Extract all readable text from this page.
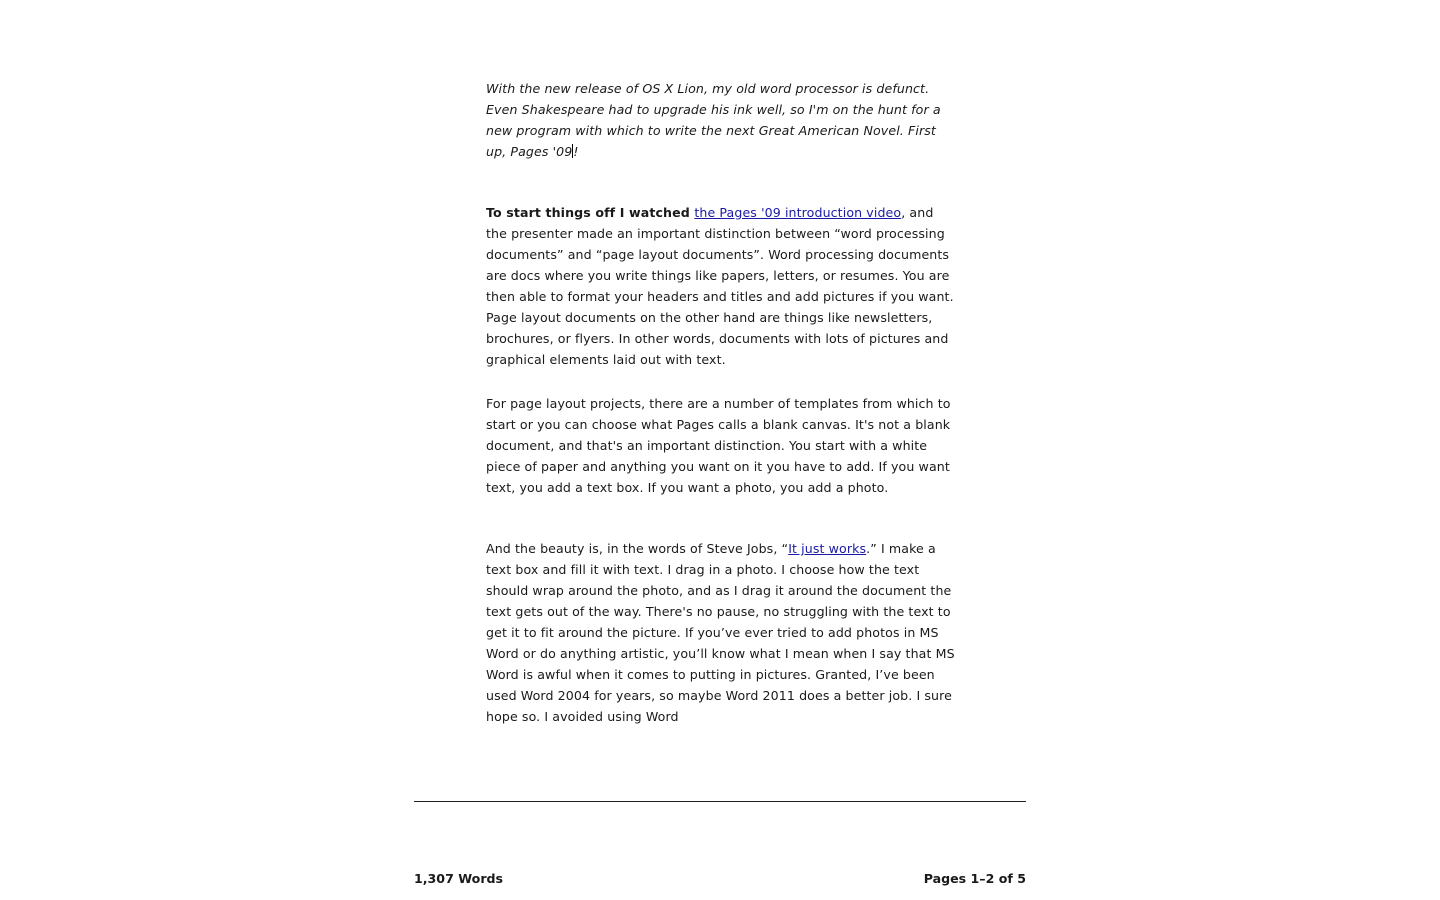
With the new release of OS X Lion, my old word processor is defunct. Even Shakespeare had to upgrade his ink well, so I'm on the hunt for a new program with which to write the next Great American Novel. First up, Pages '09!

To start things off I watched the Pages '09 introduction video, and the presenter made an important distinction between “word processing documents” and “page layout documents”. Word processing documents are docs where you write things like papers, letters, or resumes. You are then able to format your headers and titles and add pictures if you want. Page layout documents on the other hand are things like newsletters, brochures, or flyers. In other words, documents with lots of pictures and graphical elements laid out with text.

For page layout projects, there are a number of templates from which to start or you can choose what Pages calls a blank canvas. It's not a blank document, and that's an important distinction. You start with a white piece of paper and anything you want on it you have to add. If you want text, you add a text box. If you want a photo, you add a photo.

And the beauty is, in the words of Steve Jobs, “It just works.” I make a text box and fill it with text. I drag in a photo. I choose how the text should wrap around the photo, and as I drag it around the document the text gets out of the way. There's no pause, no struggling with the text to get it to fit around the picture. If you’ve ever tried to add photos in MS Word or do anything artistic, you’ll know what I mean when I say that MS Word is awful when it comes to putting in pictures. Granted, I’ve been used Word 2004 for years, so maybe Word 2011 does a better job. I sure hope so. I avoided using Word

1,307 Words	Pages 1–2 of 5
